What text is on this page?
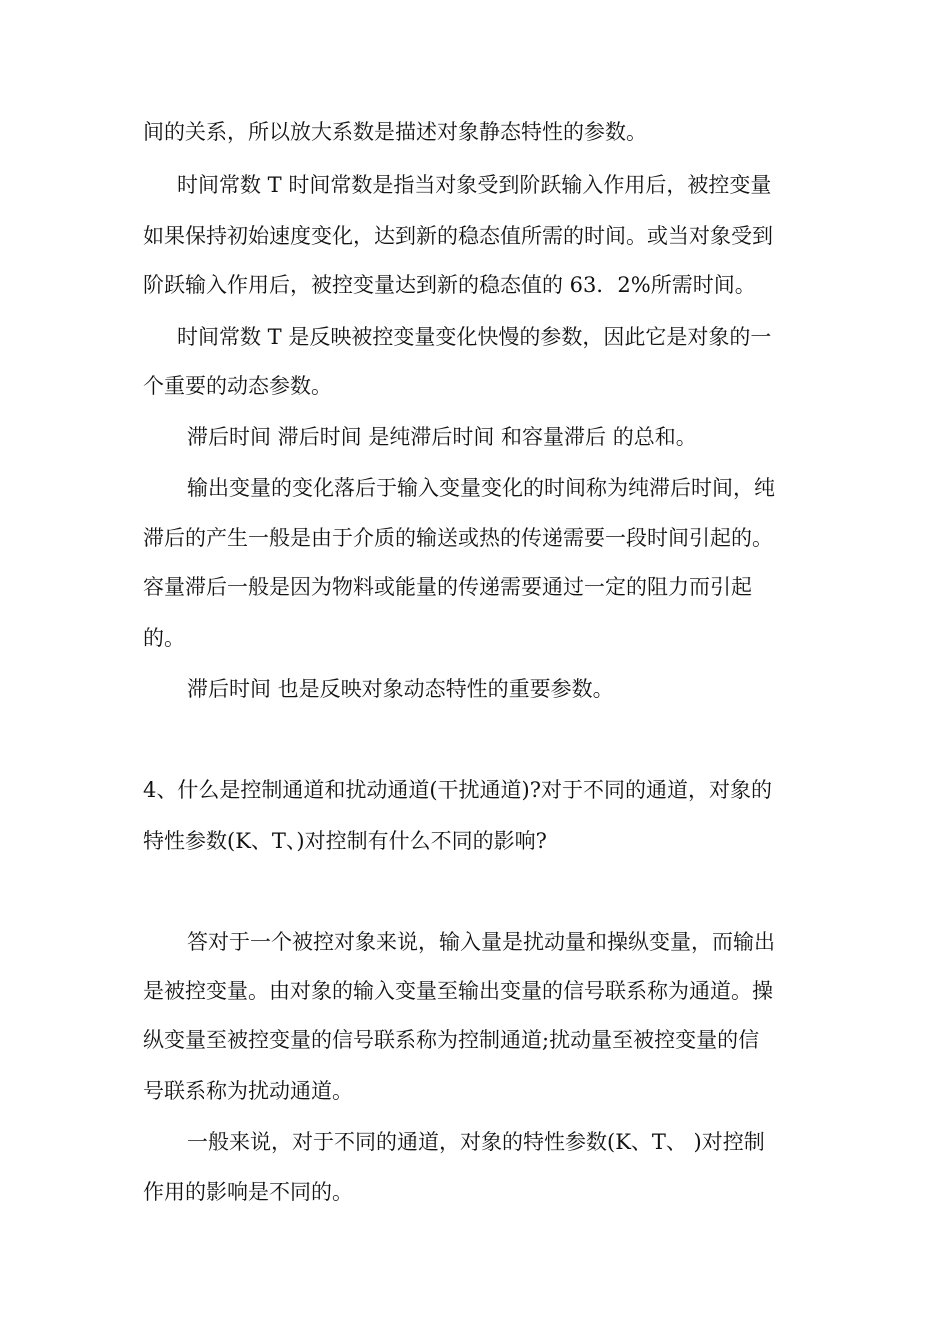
间的关系，所以放大系数是描述对象静态特性的参数。
时间常数 T 时间常数是指当对象受到阶跃输入作用后，被控变量
如果保持初始速度变化，达到新的稳态值所需的时间。或当对象受到
阶跃输入作用后，被控变量达到新的稳态值的 63．2%所需时间。
时间常数 T 是反映被控变量变化快慢的参数，因此它是对象的一
个重要的动态参数。
滞后时间 滞后时间 是纯滞后时间 和容量滞后 的总和。
输出变量的变化落后于输入变量变化的时间称为纯滞后时间，纯
滞后的产生一般是由于介质的输送或热的传递需要一段时间引起的。
容量滞后一般是因为物料或能量的传递需要通过一定的阻力而引起
的。
滞后时间 也是反映对象动态特性的重要参数。
4、什么是控制通道和扰动通道(干扰通道)?对于不同的通道，对象的
特性参数(K、T、)对控制有什么不同的影响?
答对于一个被控对象来说，输入量是扰动量和操纵变量，而输出
是被控变量。由对象的输入变量至输出变量的信号联系称为通道。操
纵变量至被控变量的信号联系称为控制通道;扰动量至被控变量的信
号联系称为扰动通道。
一般来说，对于不同的通道，对象的特性参数(K、T、 )对控制
作用的影响是不同的。
